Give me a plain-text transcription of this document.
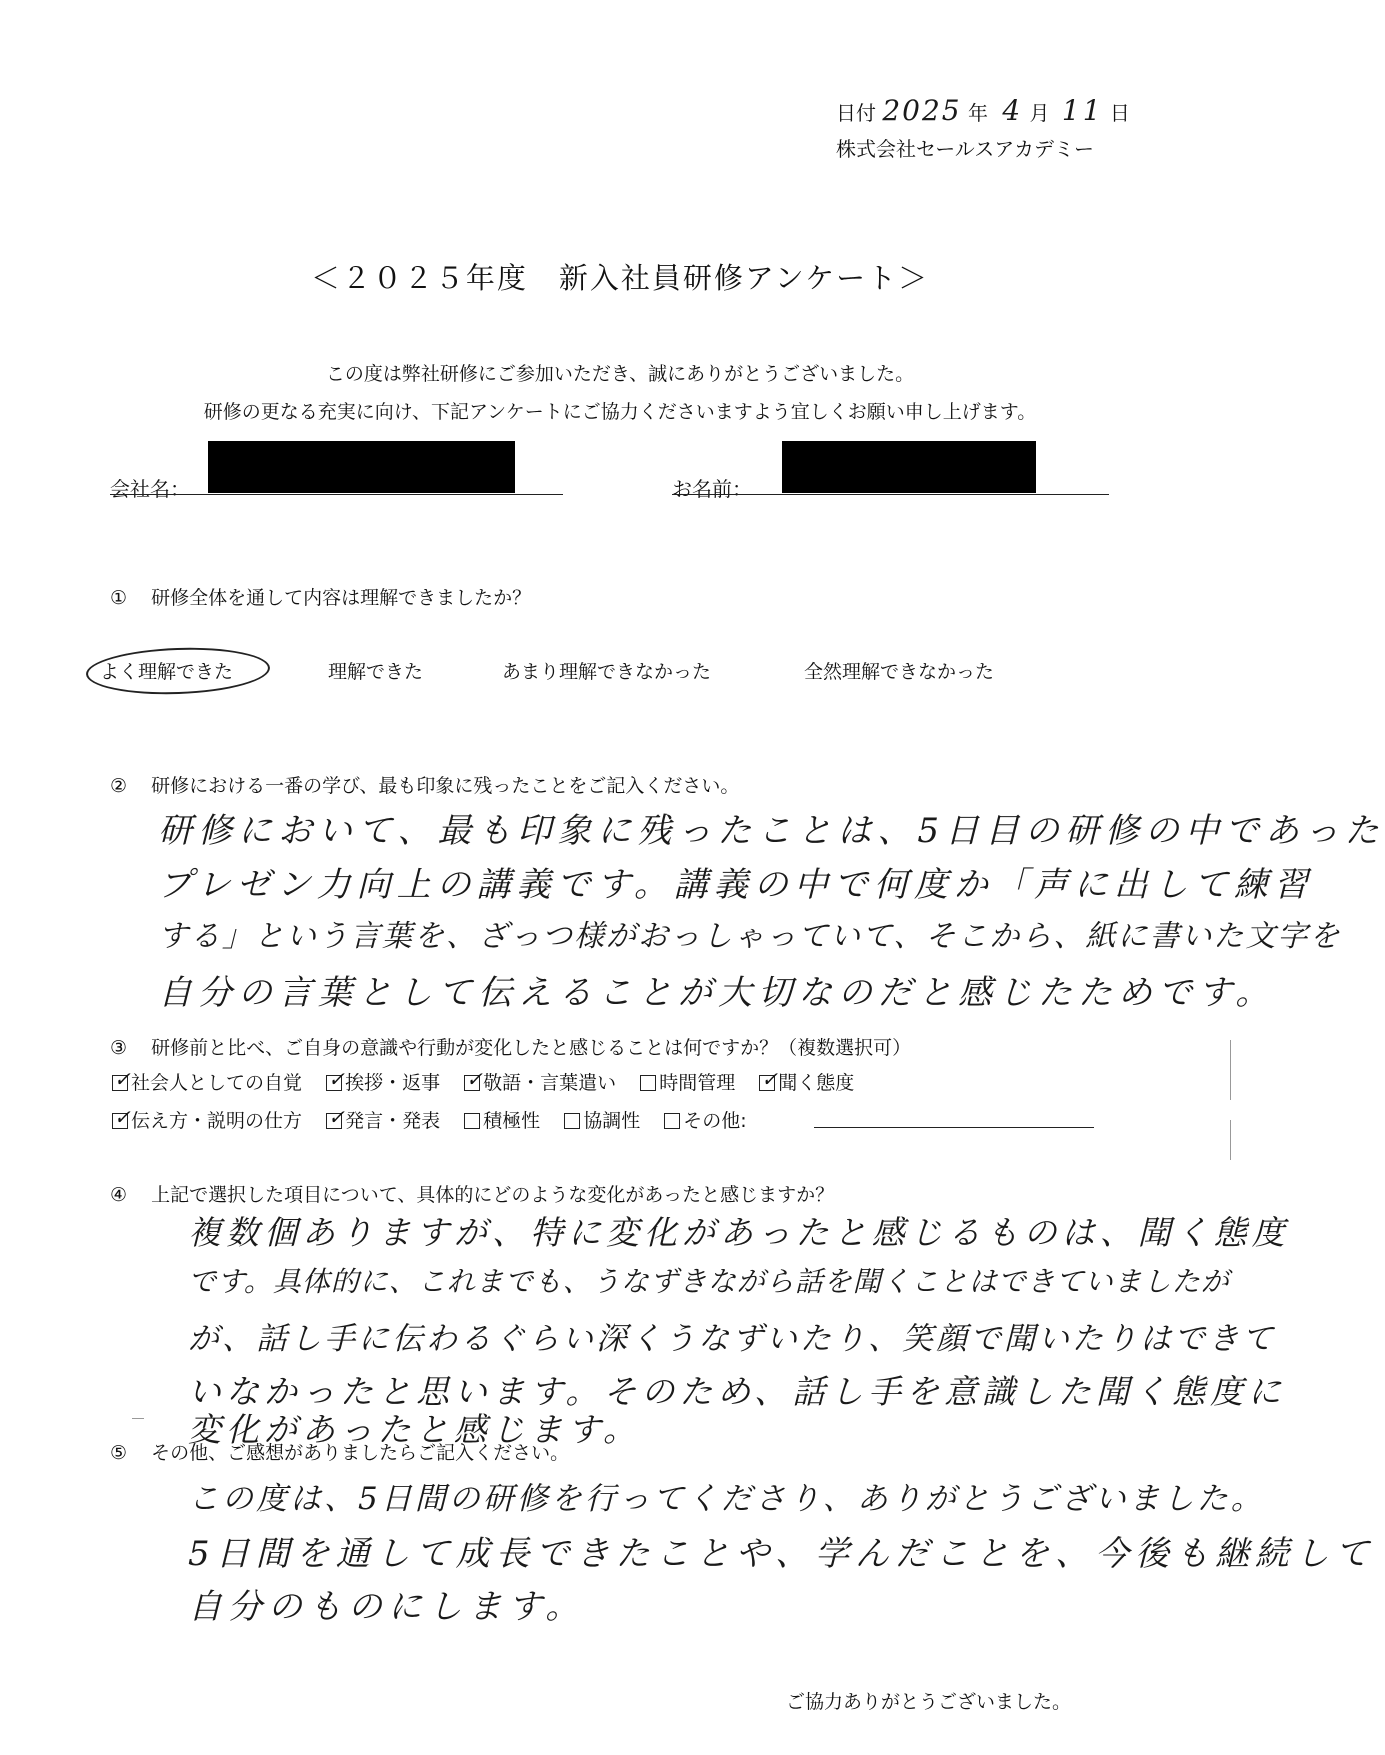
日付 2025 年 4 月 11 日
株式会社セールスアカデミー
＜２０２５年度　新入社員研修アンケート＞
この度は弊社研修にご参加いただき、誠にありがとうございました。
研修の更なる充実に向け、下記アンケートにご協力くださいますよう宜しくお願い申し上げます。
会社名：	お名前：
① 研修全体を通して内容は理解できましたか？
よく理解できた	理解できた	あまり理解できなかった	全然理解できなかった
② 研修における一番の学び、最も印象に残ったことをご記入ください。
研修において、最も印象に残ったことは、5日目の研修の中であった
プレゼン力向上の講義です。講義の中で何度か「声に出して練習
する」という言葉を、ざっつ様がおっしゃっていて、そこから、紙に書いた文字を
自分の言葉として伝えることが大切なのだと感じたためです。
③ 研修前と比べ、ご自身の意識や行動が変化したと感じることは何ですか？（複数選択可）
✓ 社会人としての自覚 ✓ 挨拶・返事 ✓ 敬語・言葉遣い 時間管理 ✓ 聞く態度
✓ 伝え方・説明の仕方 ✓ 発言・発表 積極性 協調性 その他:
④ 上記で選択した項目について、具体的にどのような変化があったと感じますか？
複数個ありますが、特に変化があったと感じるものは、聞く態度
です。具体的に、これまでも、うなずきながら話を聞くことはできていましたが
が、話し手に伝わるぐらい深くうなずいたり、笑顔で聞いたりはできて
いなかったと思います。そのため、話し手を意識した聞く態度に
変化があったと感じます。
⑤ その他、ご感想がありましたらご記入ください。
この度は、5日間の研修を行ってくださり、ありがとうございました。
5日間を通して成長できたことや、学んだことを、今後も継続して
自分のものにします。
ご協力ありがとうございました。
